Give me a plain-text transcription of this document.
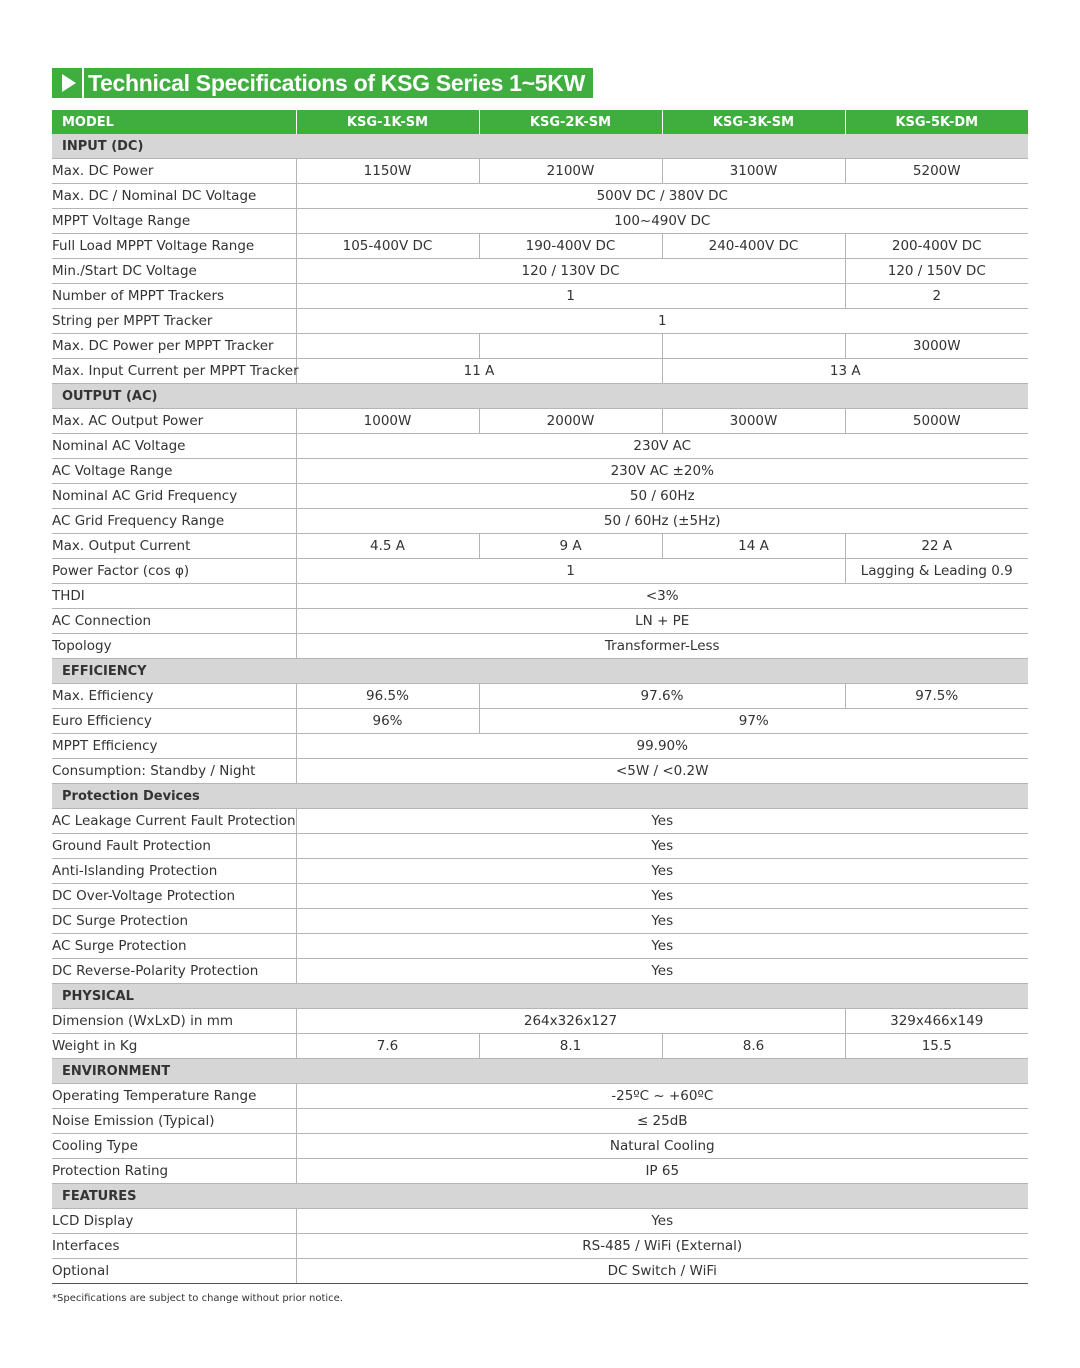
Technical Specifications of KSG Series 1~5KW
MODEL	KSG-1K-SM	KSG-2K-SM	KSG-3K-SM	KSG-5K-DM
INPUT (DC)				
Max. DC Power	1150W	2100W	3100W	5200W
Max. DC / Nominal DC Voltage	500V DC / 380V DC			
MPPT Voltage Range	100~490V DC			
Full Load MPPT Voltage Range	105-400V DC	190-400V DC	240-400V DC	200-400V DC
Min./Start DC Voltage	120 / 130V DC			120 / 150V DC
Number of MPPT Trackers	1			2
String per MPPT Tracker	1			
Max. DC Power per MPPT Tracker				3000W
Max. Input Current per MPPT Tracker	11 A		13 A	
OUTPUT (AC)				
Max. AC Output Power	1000W	2000W	3000W	5000W
Nominal AC Voltage	230V AC			
AC Voltage Range	230V AC ±20%			
Nominal AC Grid Frequency	50 / 60Hz			
AC Grid Frequency Range	50 / 60Hz (±5Hz)			
Max. Output Current	4.5 A	9 A	14 A	22 A
Power Factor (cos φ)	1			Lagging & Leading 0.9
THDI	<3%			
AC Connection	LN + PE			
Topology	Transformer-Less			
EFFICIENCY				
Max. Efficiency	96.5%	97.6%		97.5%
Euro Efficiency	96%	97%		
MPPT Efficiency	99.90%			
Consumption: Standby / Night	<5W / <0.2W			
Protection Devices				
AC Leakage Current Fault Protection	Yes			
Ground Fault Protection	Yes			
Anti-Islanding Protection	Yes			
DC Over-Voltage Protection	Yes			
DC Surge Protection	Yes			
AC Surge Protection	Yes			
DC Reverse-Polarity Protection	Yes			
PHYSICAL				
Dimension (WxLxD) in mm	264x326x127			329x466x149
Weight in Kg	7.6	8.1	8.6	15.5
ENVIRONMENT				
Operating Temperature Range	-25ºC ~ +60ºC			
Noise Emission (Typical)	≤ 25dB			
Cooling Type	Natural Cooling			
Protection Rating	IP 65			
FEATURES				
LCD Display	Yes			
Interfaces	RS-485 / WiFi (External)			
Optional	DC Switch / WiFi			
*Specifications are subject to change without prior notice.
